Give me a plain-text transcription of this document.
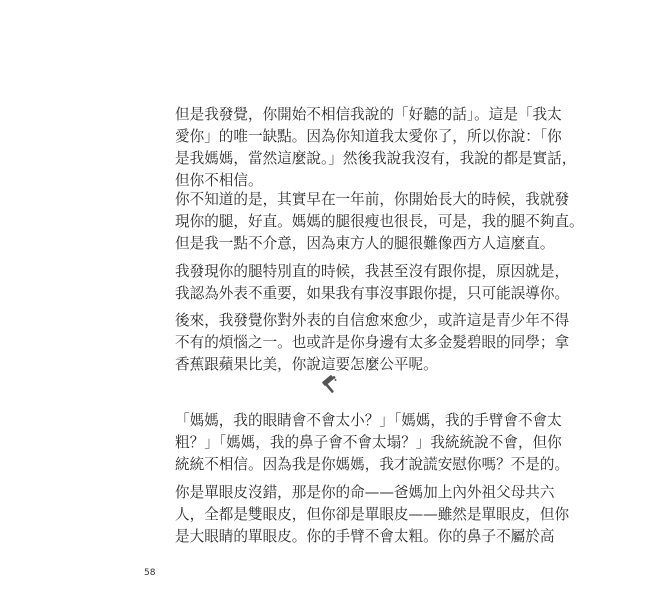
但是我發覺，你開始不相信我說的「好聽的話」。這是「我太
愛你」的唯一缺點。因為你知道我太愛你了，所以你說：「你
是我媽媽，當然這麼說。」然後我說我沒有，我說的都是實話，
但你不相信。
你不知道的是，其實早在一年前，你開始長大的時候，我就發
現你的腿，好直。媽媽的腿很瘦也很長，可是，我的腿不夠直。
但是我一點不介意，因為東方人的腿很難像西方人這麼直。
我發現你的腿特別直的時候，我甚至沒有跟你提，原因就是，
我認為外表不重要，如果我有事沒事跟你提，只可能誤導你。
後來，我發覺你對外表的自信愈來愈少，或許這是青少年不得
不有的煩惱之一。也或許是你身邊有太多金髮碧眼的同學；拿
香蕉跟蘋果比美，你說這要怎麼公平呢。
「媽媽，我的眼睛會不會太小？」「媽媽，我的手臂會不會太
粗？」「媽媽，我的鼻子會不會太塌？」我統統說不會，但你
統統不相信。因為我是你媽媽，我才說謊安慰你嗎？不是的。
你是單眼皮沒錯，那是你的命——爸媽加上內外祖父母共六
人，全都是雙眼皮，但你卻是單眼皮——雖然是單眼皮，但你
是大眼睛的單眼皮。你的手臂不會太粗。你的鼻子不屬於高
58
